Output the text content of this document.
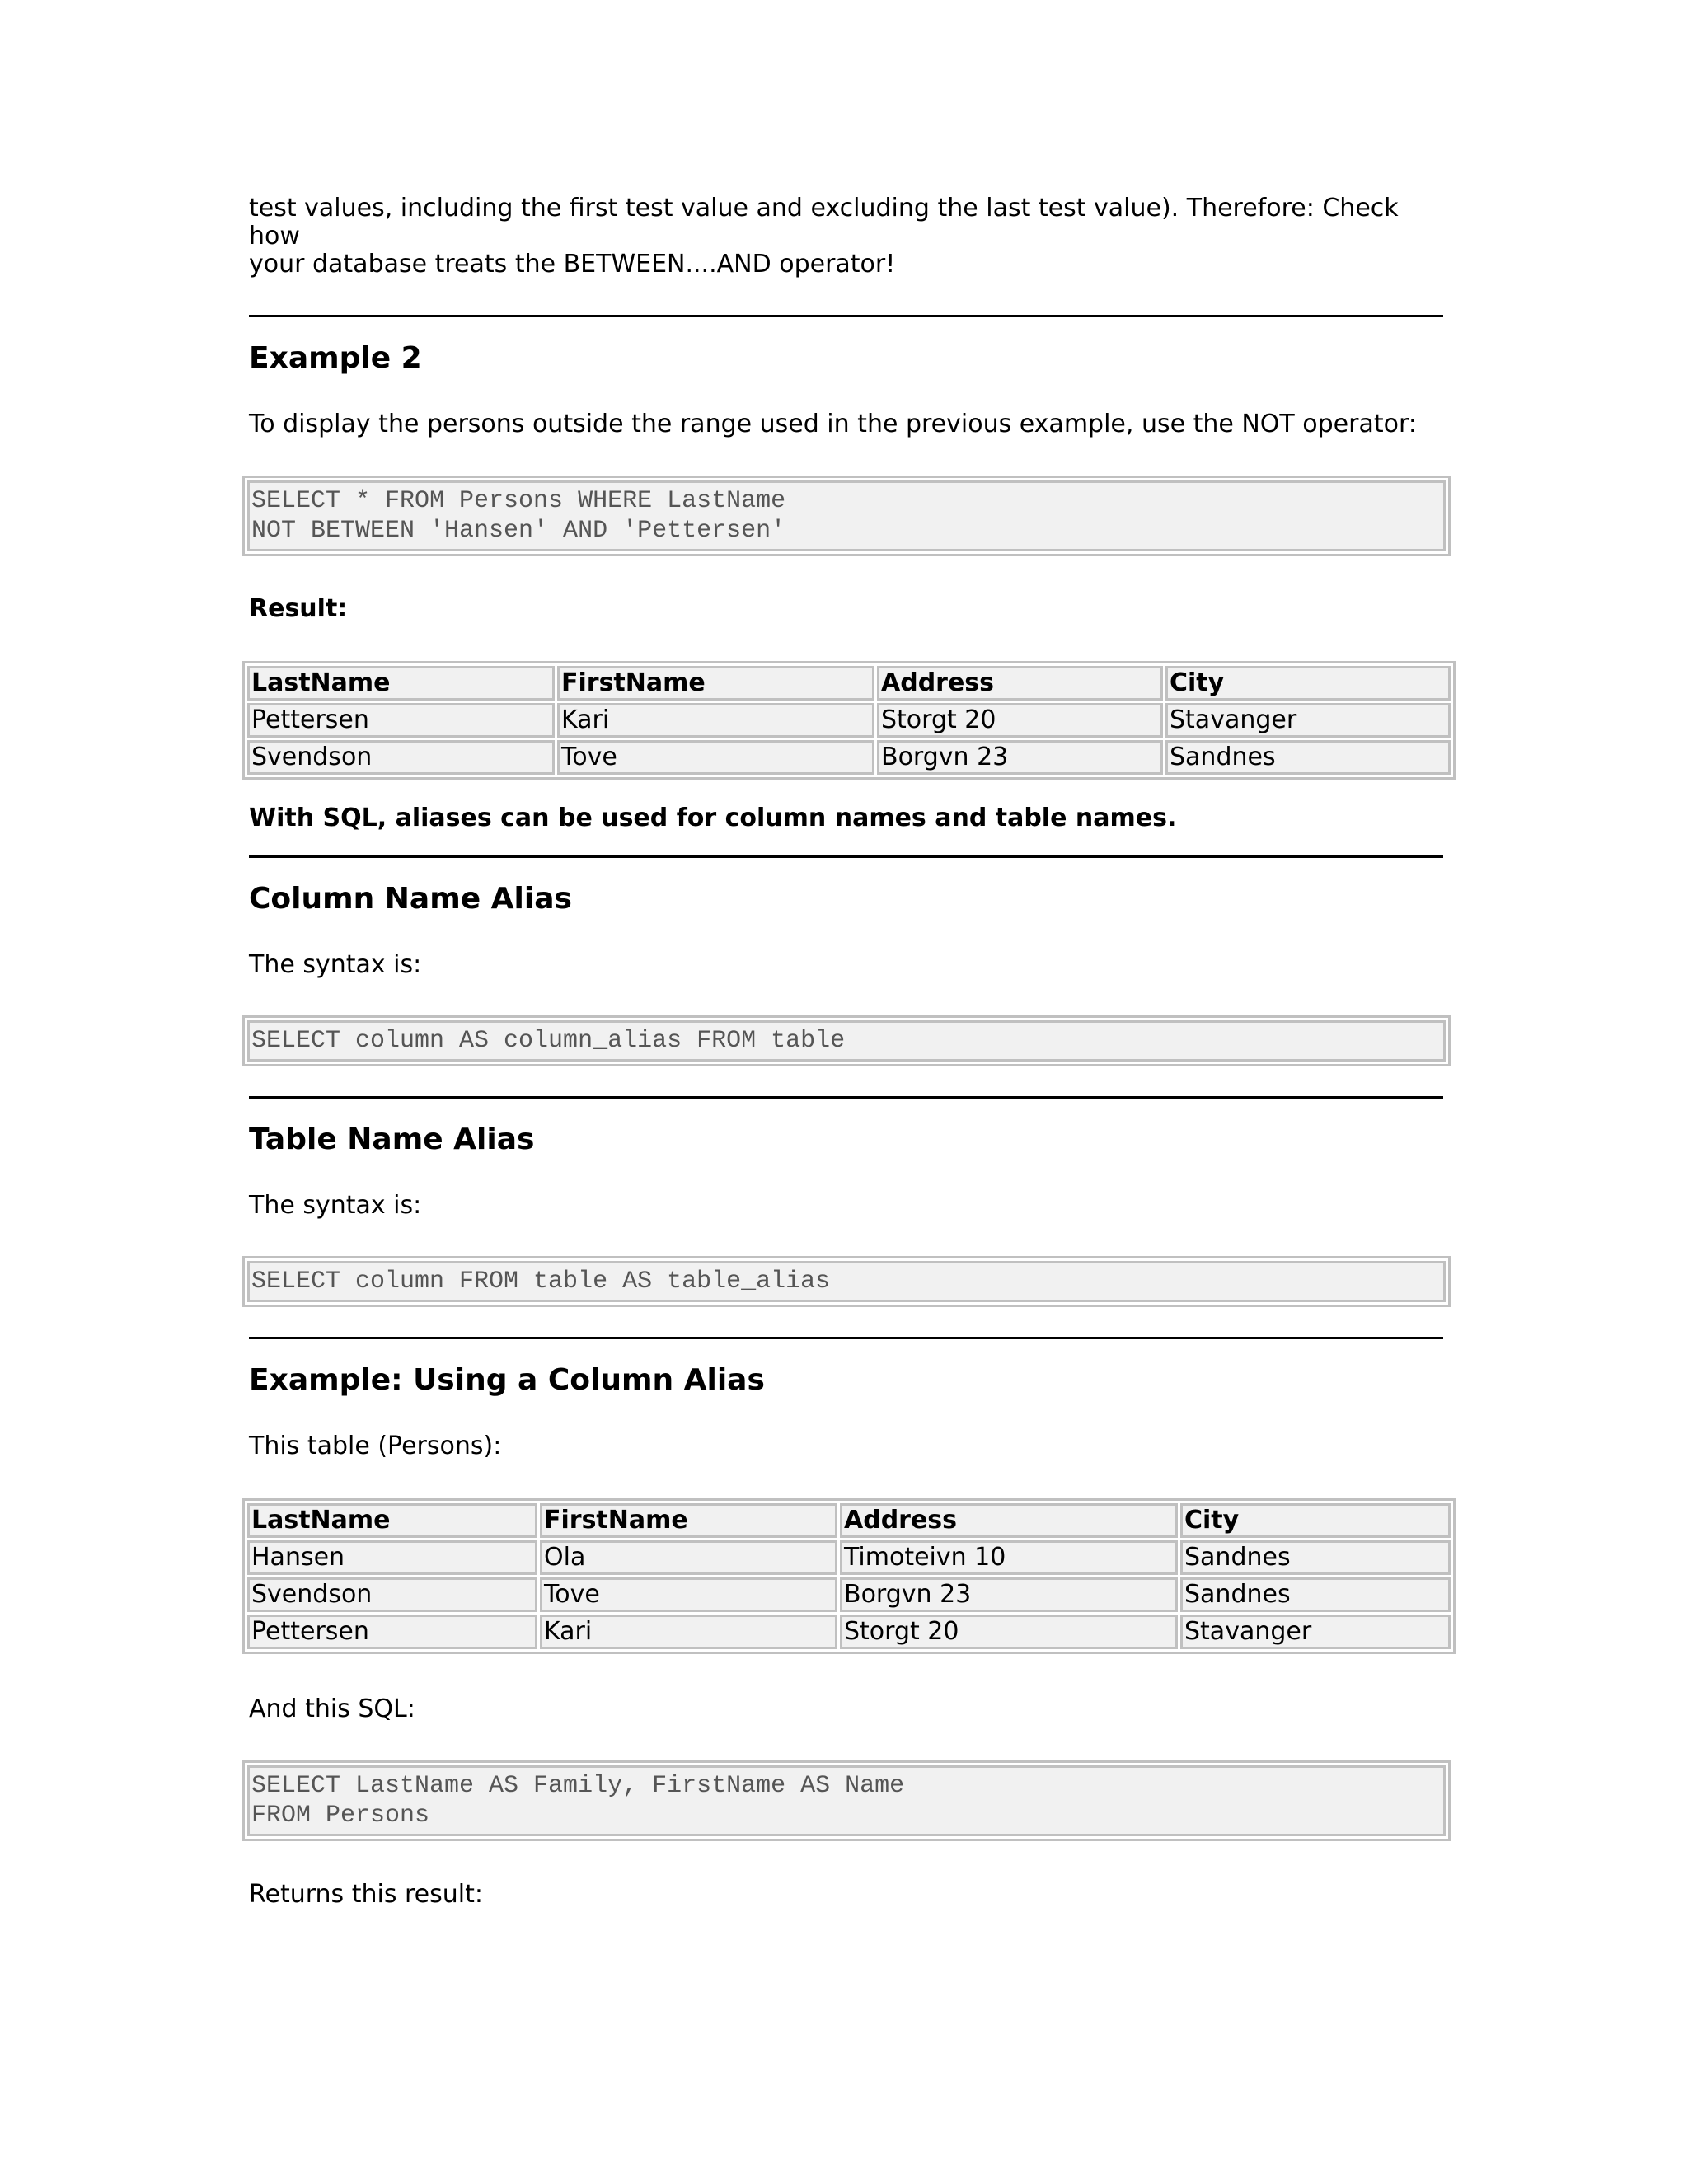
test values, including the first test value and excluding the last test value). Therefore: Check how

your database treats the BETWEEN....AND operator!

Example 2

To display the persons outside the range used in the previous example, use the NOT operator:

SELECT * FROM Persons WHERE LastName
NOT BETWEEN 'Hansen' AND 'Pettersen'

Result:

LastName	FirstName	Address	City
Pettersen	Kari	Storgt 20	Stavanger
Svendson	Tove	Borgvn 23	Sandnes

With SQL, aliases can be used for column names and table names.

Column Name Alias

The syntax is:

SELECT column AS column_alias FROM table
Table Name Alias

The syntax is:

SELECT column FROM table AS table_alias
Example: Using a Column Alias

This table (Persons):

LastName	FirstName	Address	City
Hansen	Ola	Timoteivn 10	Sandnes
Svendson	Tove	Borgvn 23	Sandnes
Pettersen	Kari	Storgt 20	Stavanger

And this SQL:

SELECT LastName AS Family, FirstName AS Name
FROM Persons

Returns this result:
